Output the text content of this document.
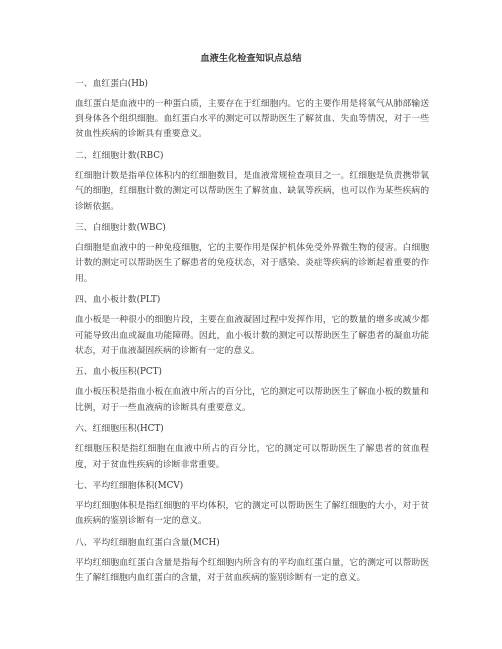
血液生化检查知识点总结

一、血红蛋白(Hb)

血红蛋白是血液中的一种蛋白质，主要存在于红细胞内。它的主要作用是将氧气从肺部输送到身体各个组织细胞。血红蛋白水平的测定可以帮助医生了解贫血、失血等情况，对于一些贫血性疾病的诊断具有重要意义。

二、红细胞计数(RBC)

红细胞计数是指单位体积内的红细胞数目，是血液常规检查项目之一。红细胞是负责携带氧气的细胞，红细胞计数的测定可以帮助医生了解贫血、缺氧等疾病，也可以作为某些疾病的诊断依据。

三、白细胞计数(WBC)

白细胞是血液中的一种免疫细胞，它的主要作用是保护机体免受外界微生物的侵害。白细胞计数的测定可以帮助医生了解患者的免疫状态，对于感染、炎症等疾病的诊断起着重要的作用。

四、血小板计数(PLT)

血小板是一种很小的细胞片段，主要在血液凝固过程中发挥作用，它的数量的增多或减少都可能导致出血或凝血功能障碍。因此，血小板计数的测定可以帮助医生了解患者的凝血功能状态，对于血液凝固疾病的诊断有一定的意义。

五、血小板压积(PCT)

血小板压积是指血小板在血液中所占的百分比，它的测定可以帮助医生了解血小板的数量和比例，对于一些血液病的诊断具有重要意义。

六、红细胞压积(HCT)

红细胞压积是指红细胞在血液中所占的百分比，它的测定可以帮助医生了解患者的贫血程度，对于贫血性疾病的诊断非常重要。

七、平均红细胞体积(MCV)

平均红细胞体积是指红细胞的平均体积，它的测定可以帮助医生了解红细胞的大小，对于贫血疾病的鉴别诊断有一定的意义。

八、平均红细胞血红蛋白含量(MCH)

平均红细胞血红蛋白含量是指每个红细胞内所含有的平均血红蛋白量，它的测定可以帮助医生了解红细胞内血红蛋白的含量，对于贫血疾病的鉴别诊断有一定的意义。
